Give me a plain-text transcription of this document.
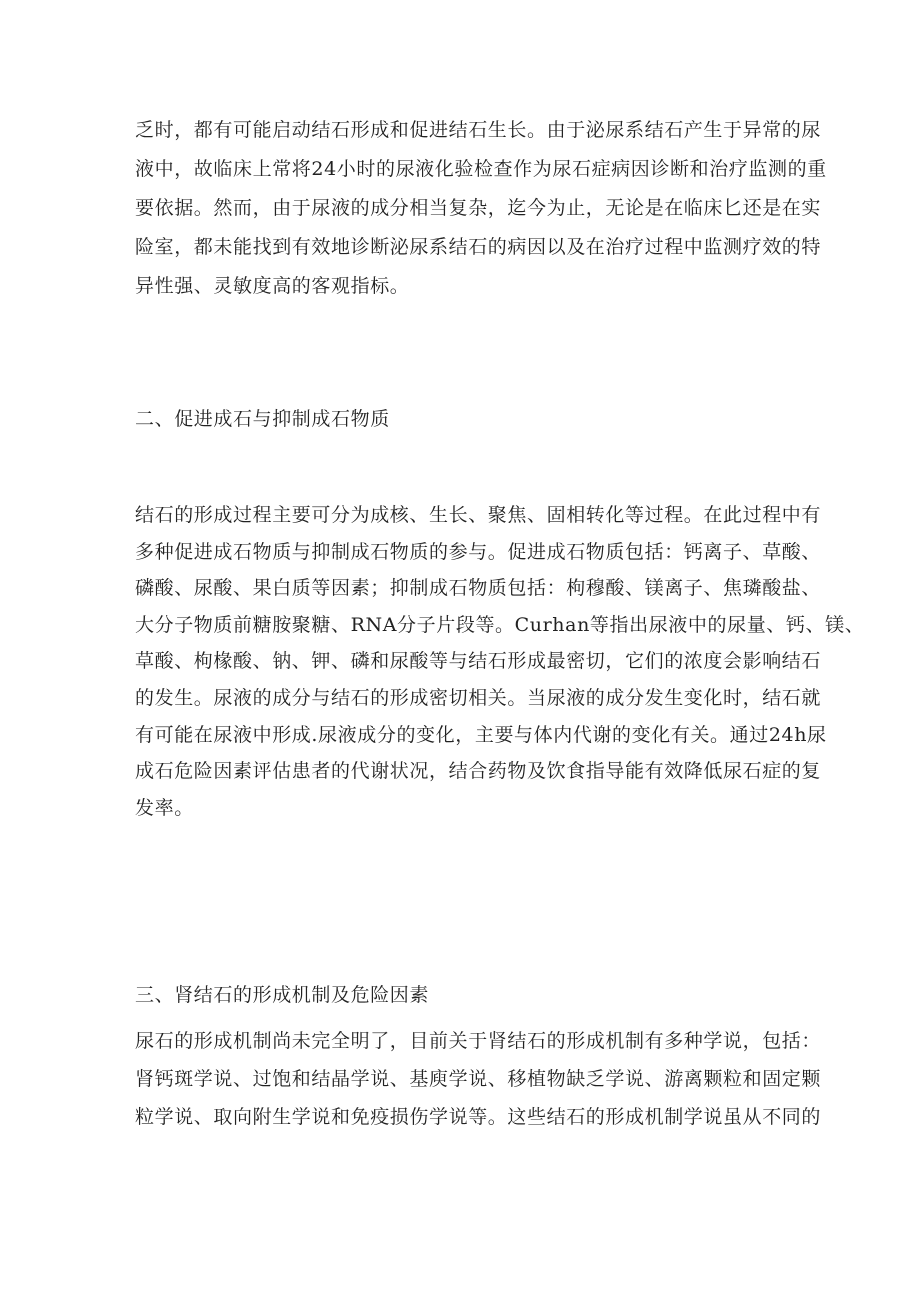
乏时，都有可能启动结石形成和促进结石生长。由于泌尿系结石产生于异常的尿
液中，故临床上常将24小时的尿液化验检查作为尿石症病因诊断和治疗监测的重
要依据。然而，由于尿液的成分相当复杂，迄今为止，无论是在临床匕还是在实
险室，都未能找到有效地诊断泌尿系结石的病因以及在治疗过程中监测疗效的特
异性强、灵敏度高的客观指标。
二、促进成石与抑制成石物质
结石的形成过程主要可分为成核、生长、聚焦、固相转化等过程。在此过程中有
多种促进成石物质与抑制成石物质的参与。促进成石物质包括：钙离子、草酸、
磷酸、尿酸、果白质等因素；抑制成石物质包括：枸穆酸、镁离子、焦璘酸盐、
大分子物质前糖胺聚糖、RNA分子片段等。Curhan等指出尿液中的尿量、钙、镁、
草酸、枸椽酸、钠、钾、磷和尿酸等与结石形成最密切，它们的浓度会影响结石
的发生。尿液的成分与结石的形成密切相关。当尿液的成分发生变化时，结石就
有可能在尿液中形成.尿液成分的变化，主要与体内代谢的变化有关。通过24h尿
成石危险因素评估患者的代谢状况，结合药物及饮食指导能有效降低尿石症的复
发率。
三、肾结石的形成机制及危险因素
尿石的形成机制尚未完全明了，目前关于肾结石的形成机制有多种学说，包括：
肾钙斑学说、过饱和结晶学说、基庾学说、移植物缺乏学说、游离颗粒和固定颗
粒学说、取向附生学说和免疫损伤学说等。这些结石的形成机制学说虽从不同的
